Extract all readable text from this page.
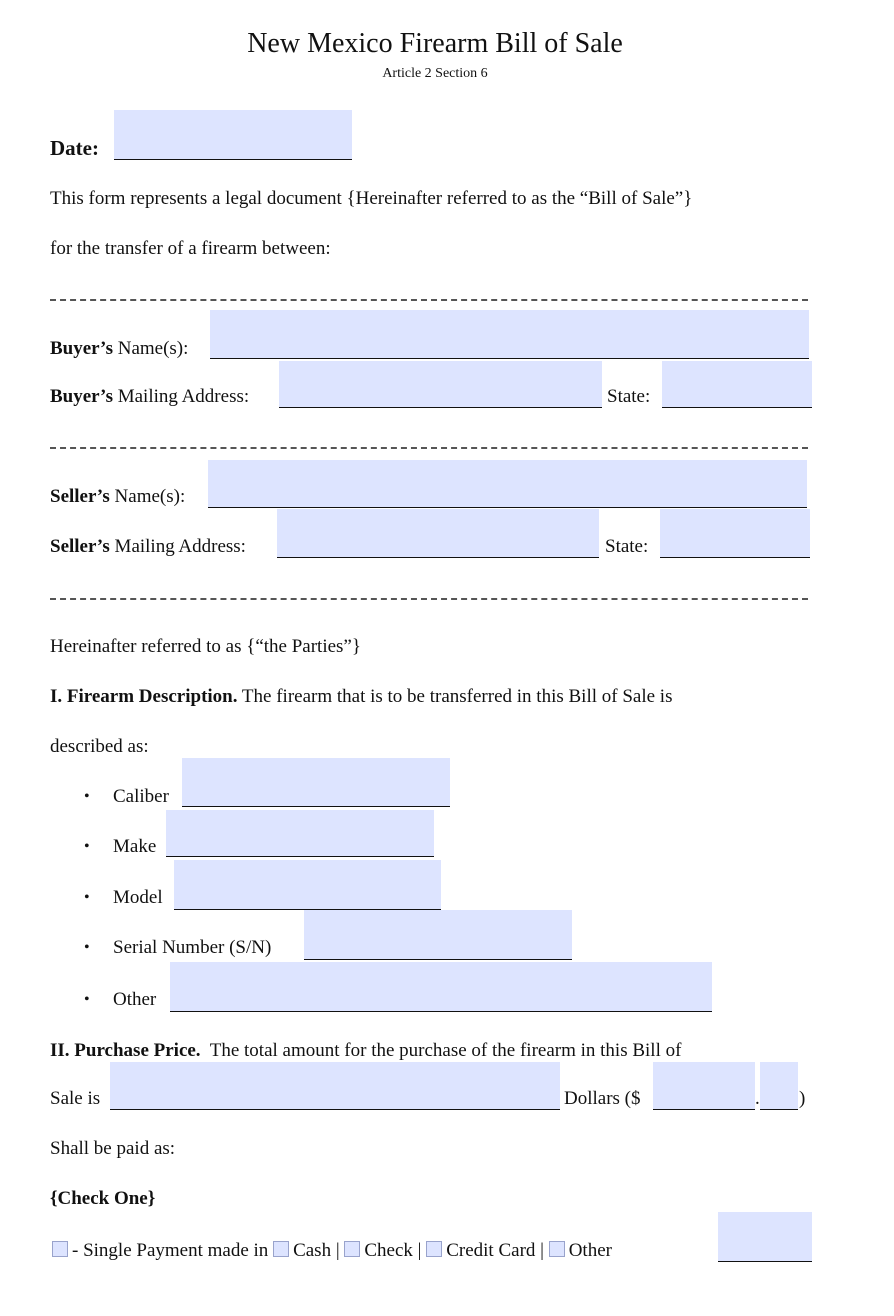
New Mexico Firearm Bill of Sale
Article 2 Section 6
Date:
This form represents a legal document {Hereinafter referred to as the “Bill of Sale”}
for the transfer of a firearm between:
Buyer’s Name(s):
Buyer’s Mailing Address:	State:
Seller’s Name(s):
Seller’s Mailing Address:	State:
Hereinafter referred to as {“the Parties”}
I. Firearm Description. The firearm that is to be transferred in this Bill of Sale is
described as:
• Caliber
• Make
• Model
• Serial Number (S/N)
• Other
II. Purchase Price. The total amount for the purchase of the firearm in this Bill of
Sale is	Dollars ($	. )
Shall be paid as:
{Check One}
- Single Payment made in Cash | Check | Credit Card | Other
